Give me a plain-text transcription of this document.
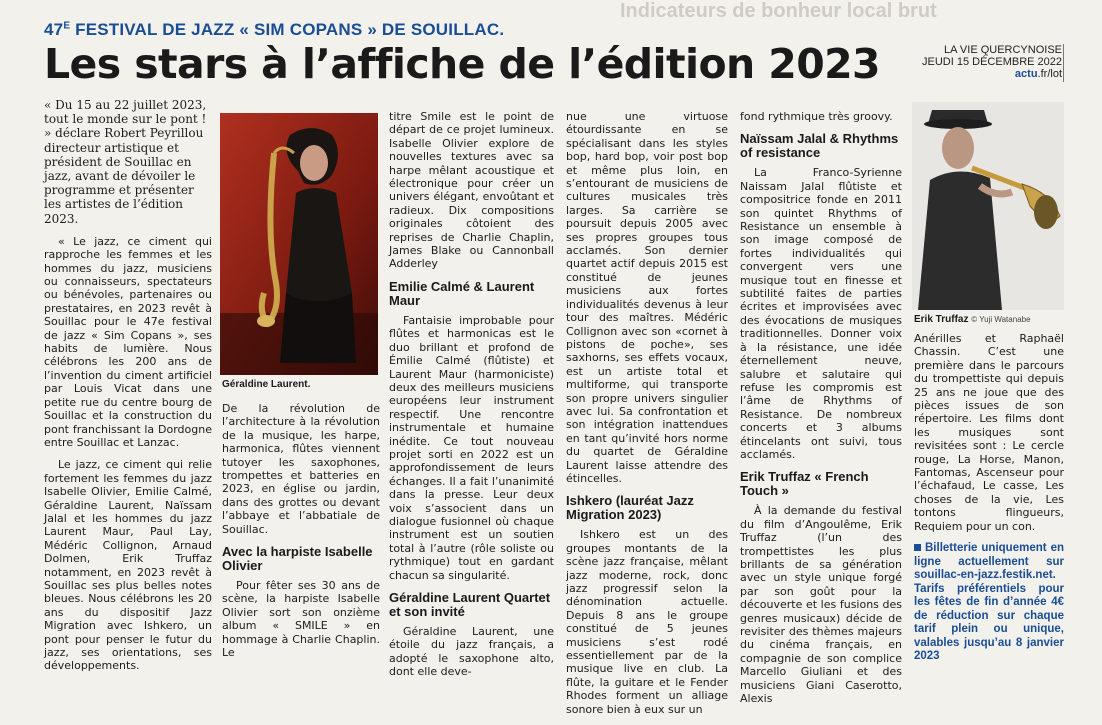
Indicateurs de bonheur local brut
$47^E$ FESTIVAL DE JAZZ « SIM COPANS » DE SOUILLAC.
Les stars à l’affiche de l’édition 2023	LA VIE QUERCYNOISE
JEUDI 15 DÉCEMBRE 2022
actu.fr/lot

« Du 15 au 22 juillet 2023, tout le monde sur le pont ! » déclare Robert Peyrillou directeur artistique et président de Souillac en jazz, avant de dévoiler le programme et présenter les artistes de l’édition 2023.

« Le jazz, ce ciment qui rapproche les femmes et les hommes du jazz, musiciens ou connaisseurs, spectateurs ou bénévoles, partenaires ou prestataires, en 2023 revêt à Souillac pour le 47e festival de jazz « Sim Copans », ses habits de lumière. Nous célébrons les 200 ans de l’invention du ciment artificiel par Louis Vicat dans une petite rue du centre bourg de Souillac et la construction du pont franchissant la Dordogne entre Souillac et Lanzac.

Le jazz, ce ciment qui relie fortement les femmes du jazz Isabelle Olivier, Emilie Calmé, Géraldine Laurent, Naïssam Jalal et les hommes du jazz Laurent Maur, Paul Lay, Médéric Collignon, Arnaud Dolmen, Erik Truffaz notamment, en 2023 revêt à Souillac ses plus belles notes bleues. Nous célébrons les 20 ans du dispositif Jazz Migration avec Ishkero, un pont pour penser le futur du jazz, ses orientations, ses développements.

Géraldine Laurent.

De la révolution de l’architecture à la révolution de la musique, les harpe, harmonica, flûtes viennent tutoyer les saxophones, trompettes et batteries en 2023, en église ou jardin, dans des grottes ou devant l’abbaye et l’abbatiale de Souillac.

Avec la harpiste Isabelle Olivier

Pour fêter ses 30 ans de scène, la harpiste Isabelle Olivier sort son onzième album « SMILE » en hommage à Charlie Chaplin. Le

titre Smile est le point de départ de ce projet lumineux. Isabelle Olivier explore de nouvelles textures avec sa harpe mêlant acoustique et électronique pour créer un univers élégant, envoûtant et radieux. Dix compositions originales côtoient des reprises de Charlie Chaplin, James Blake ou Cannonball Adderley

Emilie Calmé & Laurent Maur

Fantaisie improbable pour flûtes et harmonicas est le duo brillant et profond de Émilie Calmé (flûtiste) et Laurent Maur (harmoniciste) deux des meilleurs musiciens européens leur instrument respectif. Une rencontre instrumentale et humaine inédite. Ce tout nouveau projet sorti en 2022 est un approfondissement de leurs échanges. Il a fait l’unanimité dans la presse. Leur deux voix s’associent dans un dialogue fusionnel où chaque instrument est un soutien total à l’autre (rôle soliste ou rythmique) tout en gardant chacun sa singularité.

Géraldine Laurent Quartet et son invité

Géraldine Laurent, une étoile du jazz français, a adopté le saxophone alto, dont elle deve-

nue une virtuose étourdissante en se spécialisant dans les styles bop, hard bop, voir post bop et même plus loin, en s’entourant de musiciens de cultures musicales très larges. Sa carrière se poursuit depuis 2005 avec ses propres groupes tous acclamés. Son dernier quartet actif depuis 2015 est constitué de jeunes musiciens aux fortes individualités devenus à leur tour des maîtres. Médéric Collignon avec son «cornet à pistons de poche», ses saxhorns, ses effets vocaux, est un artiste total et multiforme, qui transporte son propre univers singulier avec lui. Sa confrontation et son intégration inattendues en tant qu’invité hors norme du quartet de Géraldine Laurent laisse attendre des étincelles.

Ishkero (lauréat Jazz Migration 2023)

Ishkero est un des groupes montants de la scène jazz française, mêlant jazz moderne, rock, donc jazz progressif selon la dénomination actuelle. Depuis 8 ans le groupe constitué de 5 jeunes musiciens s’est rodé essentiellement par de la musique live en club. La flûte, la guitare et le Fender Rhodes forment un alliage sonore bien à eux sur un

fond rythmique très groovy.

Naïssam Jalal & Rhythms of resistance

La Franco-Syrienne Naissam Jalal flûtiste et compositrice fonde en 2011 son quintet Rhythms of Resistance un ensemble à son image composé de fortes individualités qui convergent vers une musique tout en finesse et subtilité faites de parties écrites et improvisées avec des évocations de musiques traditionnelles. Donner voix à la résistance, une idée éternellement neuve, salubre et salutaire qui refuse les compromis est l’âme de Rhythms of Resistance. De nombreux concerts et 3 albums étincelants ont suivi, tous acclamés.

Erik Truffaz « French Touch »

À la demande du festival du film d’Angoulême, Erik Truffaz (l’un des trompettistes les plus brillants de sa génération avec un style unique forgé par son goût pour la découverte et les fusions des genres musicaux) décide de revisiter des thèmes majeurs du cinéma français, en compagnie de son complice Marcello Giuliani et des musiciens Giani Caserotto, Alexis

Erik Truffaz © Yuji Watanabe

Anérilles et Raphaël Chassin. C’est une première dans le parcours du trompettiste qui depuis 25 ans ne joue que des pièces issues de son répertoire. Les films dont les musiques sont revisitées sont : Le cercle rouge, La Horse, Manon, Fantomas, Ascenseur pour l’échafaud, Le casse, Les choses de la vie, Les tontons flingueurs, Requiem pour un con.

Billetterie uniquement en ligne actuellement sur souillac-en-jazz.festik.net. Tarifs préférentiels pour les fêtes de fin d’année 4€ de réduction sur chaque tarif plein ou unique, valables jusqu’au 8 janvier 2023
